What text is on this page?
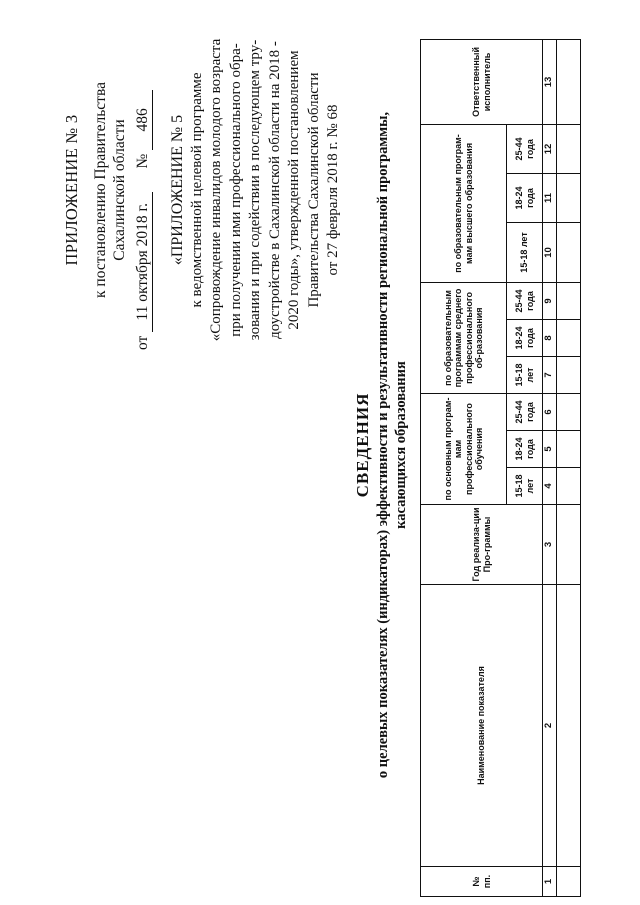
ПРИЛОЖЕНИЕ № 3 к постановлению Правительства Сахалинской области
от 11 октября 2018 г.      № 486 «ПРИЛОЖЕНИЕ № 5 к ведомственной целевой программе «Сопровождение инвалидов молодого возраста при получении ими профессионального обра- зования и при содействии в последующем тру- доустройстве в Сахалинской области на 2018 - 2020 годы», утвержденной постановлением Правительства Сахалинской области от 27 февраля 2018 г. № 68
СВЕДЕНИЯ о целевых показателях (индикаторах) эффективности и результативности региональной программы, касающихся образования
№ пп.	Наименование показателя	Год реализа-ции Про-граммы	по основным програм-мам профессионального обучения			по образовательным программам среднего профессионального об-разования			по образовательным програм-мам высшего образования			Ответственный исполнитель
			15-18 лет	18-24 года	25-44 года	15-18 лет	18-24 года	25-44 года	15-18 лет	18-24 года	25-44 года	
1	2	3	4	5	6	7	8	9	10	11	12	13
